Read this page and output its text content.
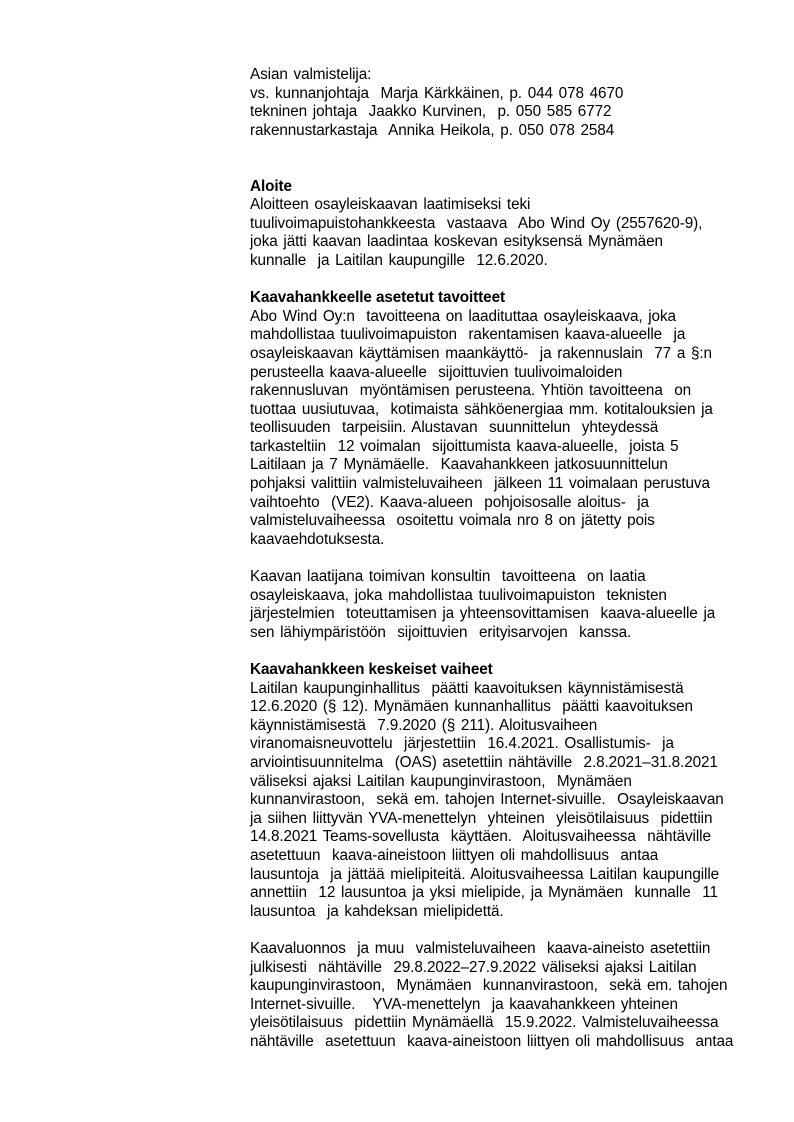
Asian valmistelija:
vs. kunnanjohtaja  Marja Kärkkäinen, p. 044 078 4670
tekninen johtaja  Jaakko Kurvinen,  p. 050 585 6772
rakennustarkastaja  Annika Heikola, p. 050 078 2584
Aloite
Aloitteen osayleiskaavan laatimiseksi teki
tuulivoimapuistohankkeesta  vastaava  Abo Wind Oy (2557620-9),
joka jätti kaavan laadintaa koskevan esityksensä Mynämäen
kunnalle  ja Laitilan kaupungille  12.6.2020.
Kaavahankkeelle asetetut tavoitteet
Abo Wind Oy:n  tavoitteena on laadituttaa osayleiskaava, joka
mahdollistaa tuulivoimapuiston  rakentamisen kaava-alueelle  ja
osayleiskaavan käyttämisen maankäyttö-  ja rakennuslain  77 a §:n
perusteella kaava-alueelle  sijoittuvien tuulivoimaloiden
rakennusluvan  myöntämisen perusteena. Yhtiön tavoitteena  on
tuottaa uusiutuvaa,  kotimaista sähköenergiaa mm. kotitalouksien ja
teollisuuden  tarpeisiin. Alustavan  suunnittelun  yhteydessä
tarkasteltiin  12 voimalan  sijoittumista kaava-alueelle,  joista 5
Laitilaan ja 7 Mynämäelle.  Kaavahankkeen jatkosuunnittelun
pohjaksi valittiin valmisteluvaiheen  jälkeen 11 voimalaan perustuva
vaihtoehto  (VE2). Kaava-alueen  pohjoisosalle aloitus-  ja
valmisteluvaiheessa  osoitettu voimala nro 8 on jätetty pois
kaavaehdotuksesta.
Kaavan laatijana toimivan konsultin  tavoitteena  on laatia
osayleiskaava, joka mahdollistaa tuulivoimapuiston  teknisten
järjestelmien  toteuttamisen ja yhteensovittamisen  kaava-alueelle ja
sen lähiympäristöön  sijoittuvien  erityisarvojen  kanssa.
Kaavahankkeen keskeiset vaiheet
Laitilan kaupunginhallitus  päätti kaavoituksen käynnistämisestä
12.6.2020 (§ 12). Mynämäen kunnanhallitus  päätti kaavoituksen
käynnistämisestä  7.9.2020 (§ 211). Aloitusvaiheen
viranomaisneuvottelu  järjestettiin  16.4.2021. Osallistumis-  ja
arviointisuunnitelma  (OAS) asetettiin nähtäville  2.8.2021–31.8.2021
väliseksi ajaksi Laitilan kaupunginvirastoon,  Mynämäen
kunnanvirastoon,  sekä em. tahojen Internet-sivuille.  Osayleiskaavan
ja siihen liittyvän YVA-menettelyn  yhteinen  yleisötilaisuus  pidettiin
14.8.2021 Teams-sovellusta  käyttäen.  Aloitusvaiheessa  nähtäville
asetettuun  kaava-aineistoon liittyen oli mahdollisuus  antaa
lausuntoja  ja jättää mielipiteitä. Aloitusvaiheessa Laitilan kaupungille
annettiin  12 lausuntoa ja yksi mielipide, ja Mynämäen  kunnalle  11
lausuntoa  ja kahdeksan mielipidettä.
Kaavaluonnos  ja muu  valmisteluvaiheen  kaava-aineisto asetettiin
julkisesti  nähtäville  29.8.2022–27.9.2022 väliseksi ajaksi Laitilan
kaupunginvirastoon,  Mynämäen  kunnanvirastoon,  sekä em. tahojen
Internet-sivuille.   YVA-menettelyn  ja kaavahankkeen yhteinen
yleisötilaisuus  pidettiin Mynämäellä  15.9.2022. Valmisteluvaiheessa
nähtäville  asetettuun  kaava-aineistoon liittyen oli mahdollisuus  antaa
